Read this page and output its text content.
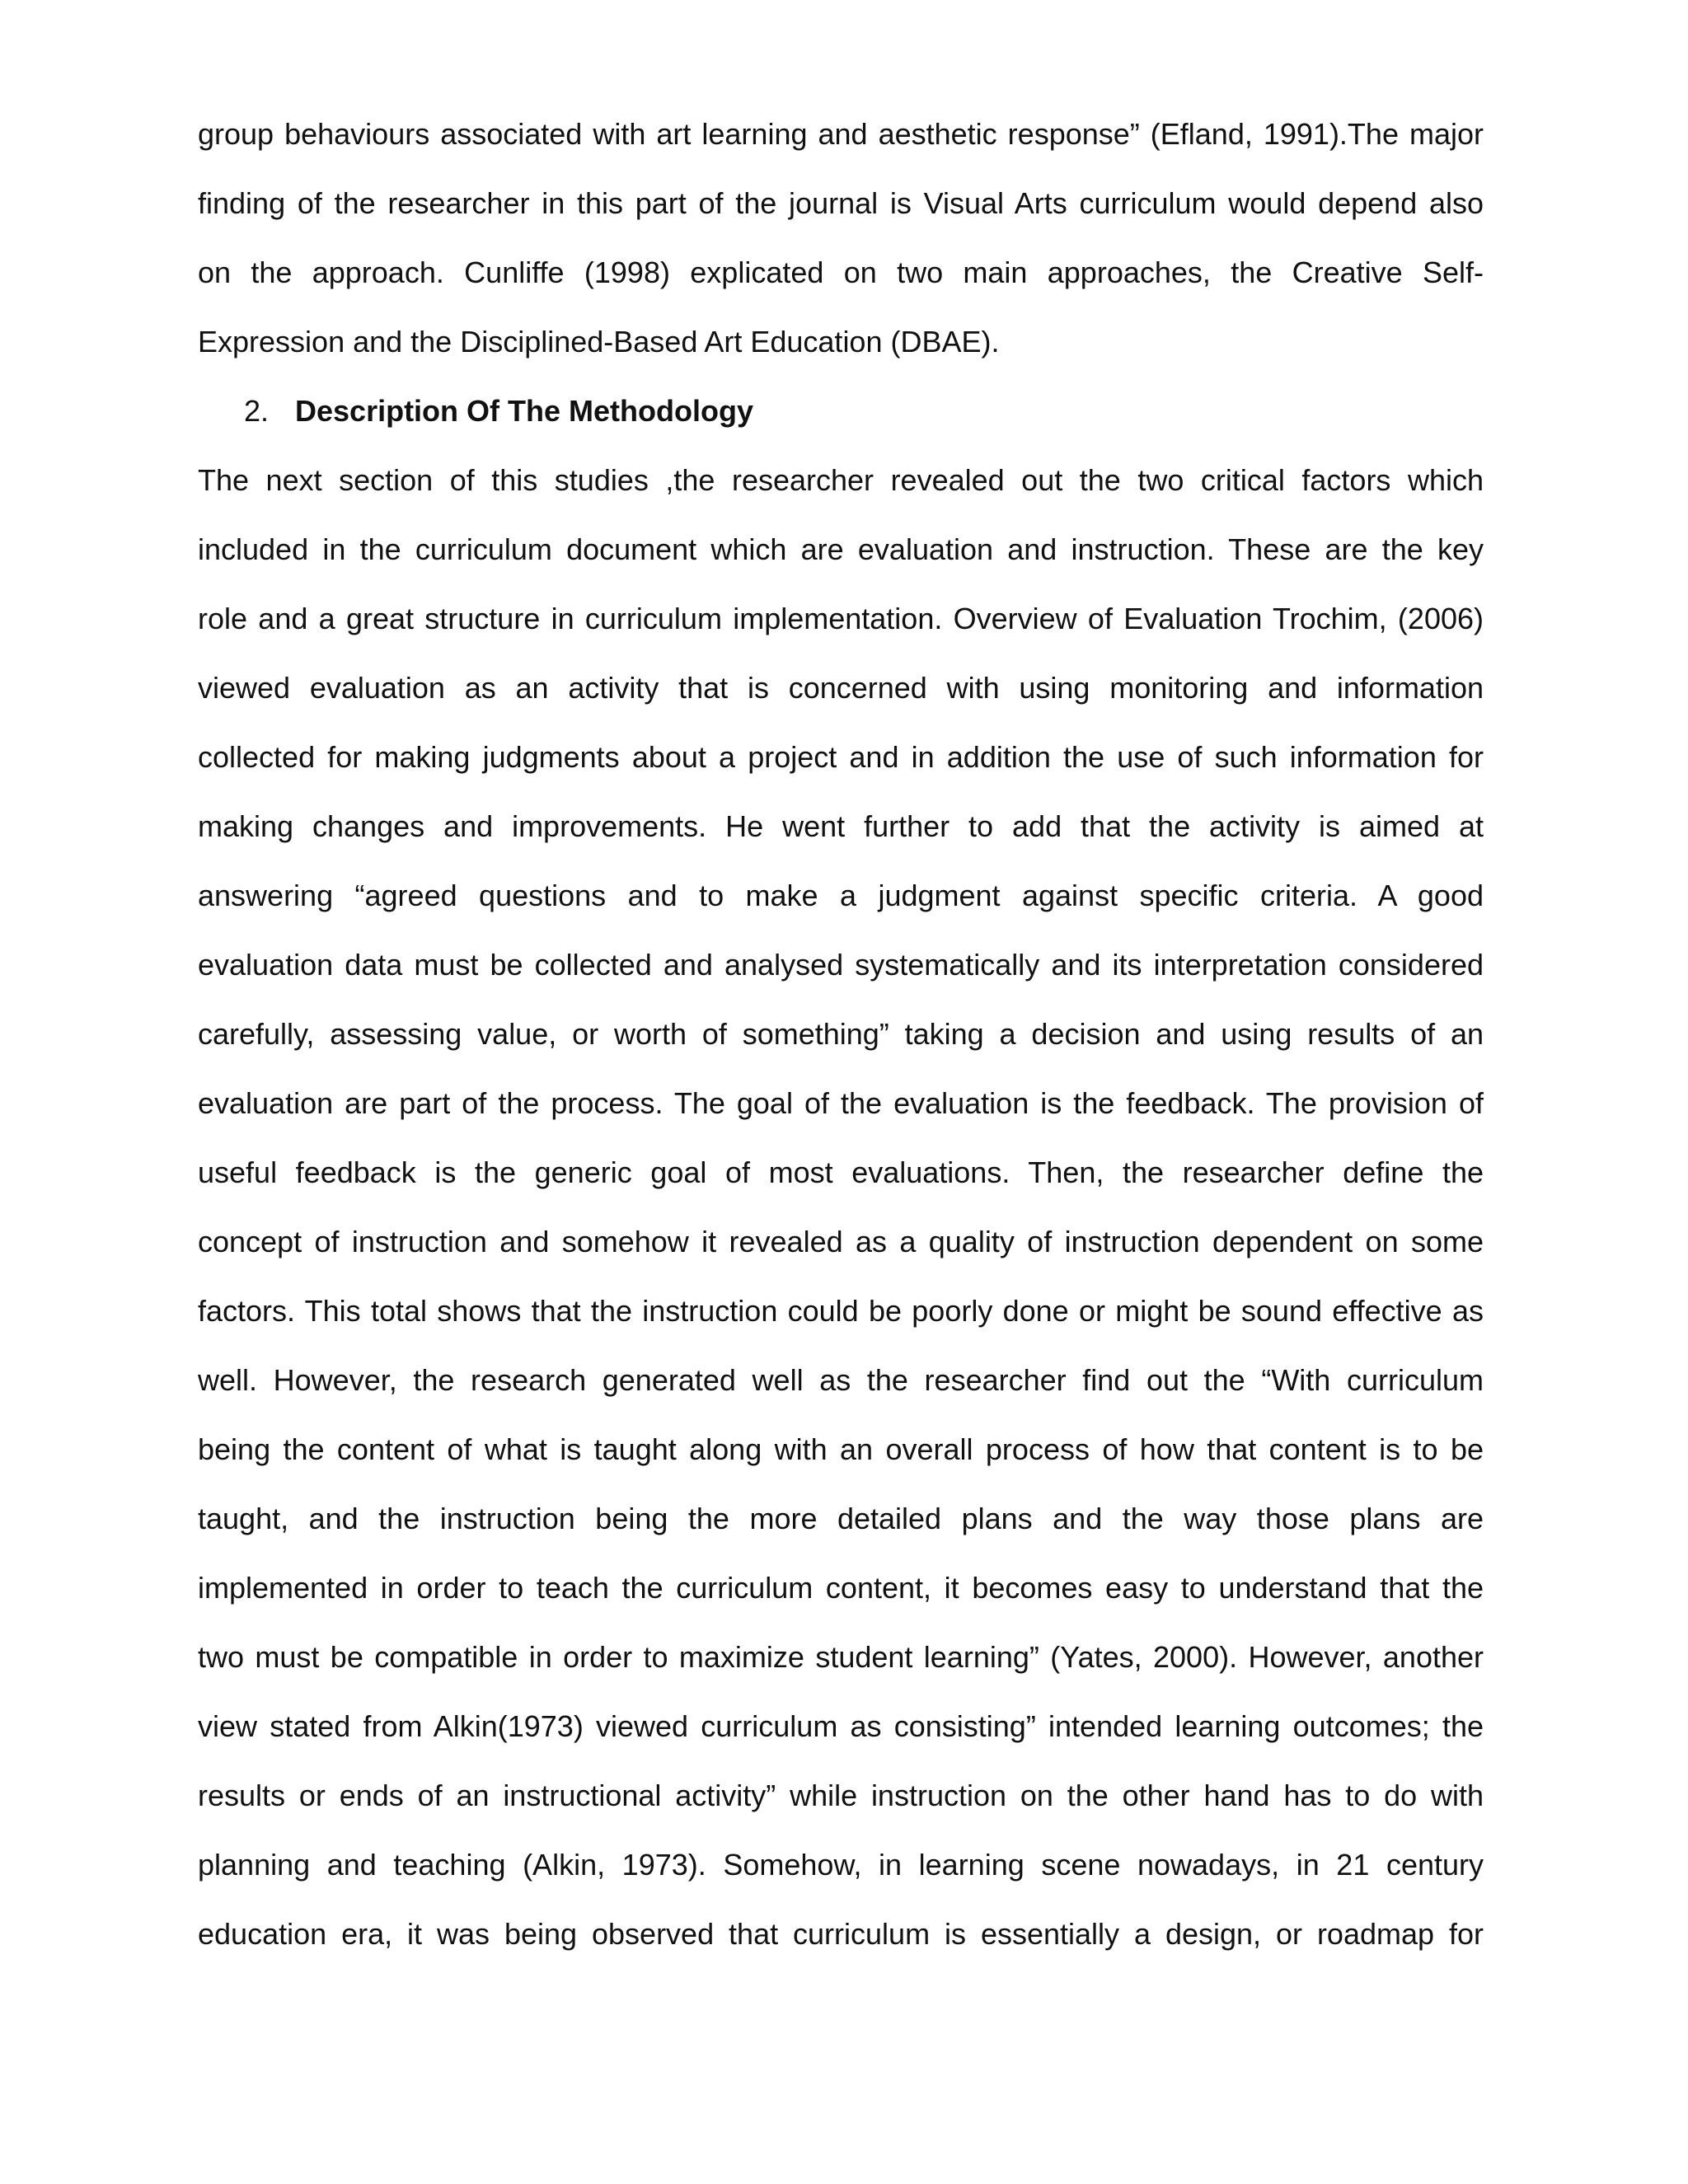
group behaviours associated with art learning and aesthetic response” (Efland, 1991).The major
finding of the researcher in this part of the journal is Visual Arts curriculum would depend also
on the approach. Cunliffe (1998) explicated on two main approaches, the Creative Self-
Expression and the Disciplined-Based Art Education (DBAE).
2. Description Of The Methodology
The next section of this studies ,the researcher revealed out the two critical factors which
included in the curriculum document which are evaluation and instruction. These are the key
role and a great structure in curriculum implementation. Overview of Evaluation Trochim, (2006)
viewed evaluation as an activity that is concerned with using monitoring and information
collected for making judgments about a project and in addition the use of such information for
making changes and improvements. He went further to add that the activity is aimed at
answering “agreed questions and to make a judgment against specific criteria. A good
evaluation data must be collected and analysed systematically and its interpretation considered
carefully, assessing value, or worth of something” taking a decision and using results of an
evaluation are part of the process. The goal of the evaluation is the feedback. The provision of
useful feedback is the generic goal of most evaluations. Then, the researcher define the
concept of instruction and somehow it revealed as a quality of instruction dependent on some
factors. This total shows that the instruction could be poorly done or might be sound effective as
well. However, the research generated well as the researcher find out the “With curriculum
being the content of what is taught along with an overall process of how that content is to be
taught, and the instruction being the more detailed plans and the way those plans are
implemented in order to teach the curriculum content, it becomes easy to understand that the
two must be compatible in order to maximize student learning” (Yates, 2000). However, another
view stated from Alkin(1973) viewed curriculum as consisting” intended learning outcomes; the
results or ends of an instructional activity” while instruction on the other hand has to do with
planning and teaching (Alkin, 1973). Somehow, in learning scene nowadays, in 21 century
education era, it was being observed that curriculum is essentially a design, or roadmap for
